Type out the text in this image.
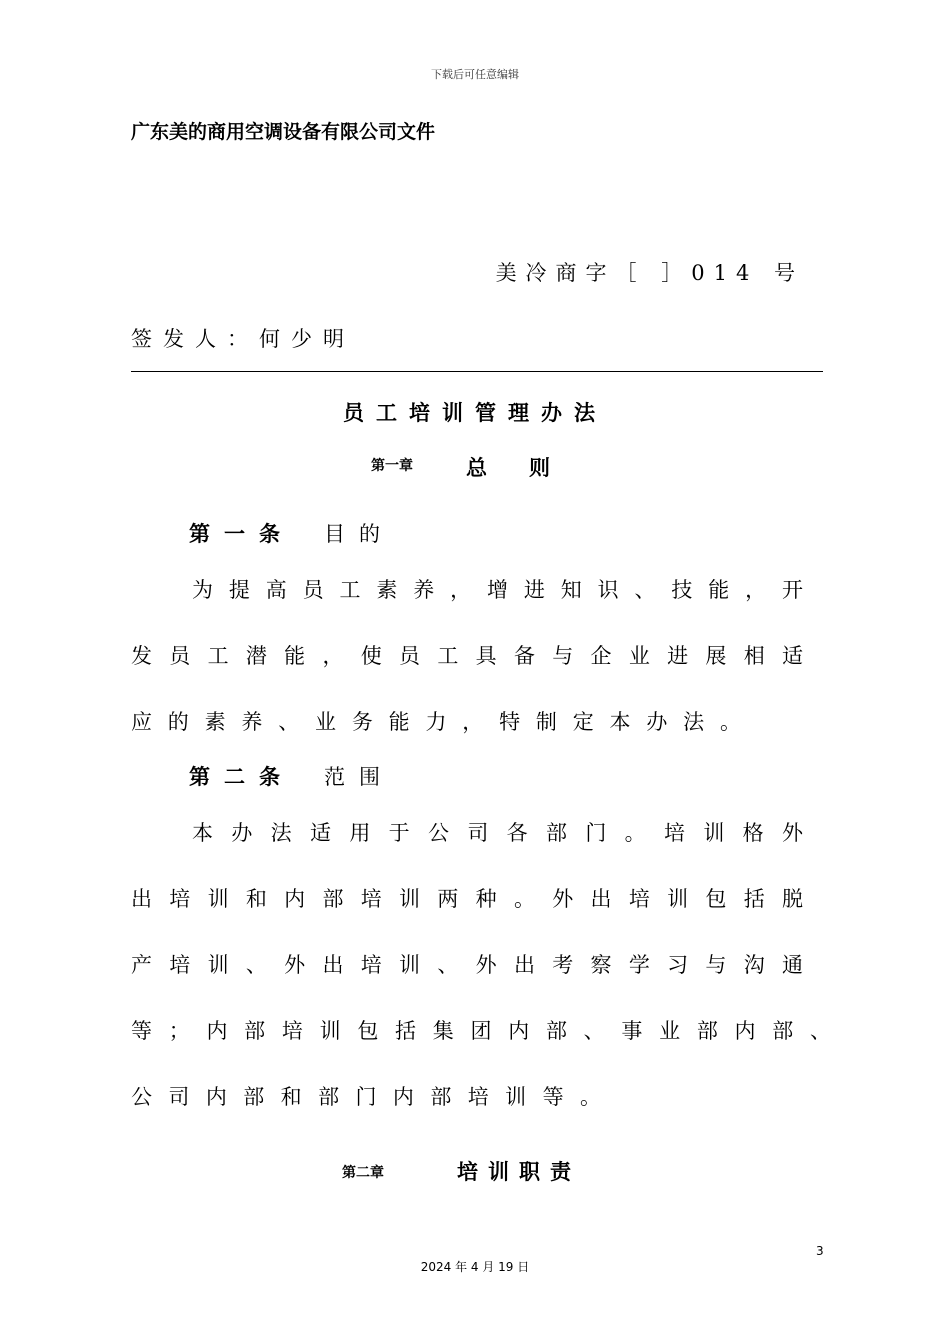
下载后可任意编辑
广东美的商用空调设备有限公司文件
美冷商字［ ］014 号
签发人：何少明
员工培训管理办法
第一章	总　　则
第一条 目的
为提高员工素养，增进知识、技能，开
发员工潜能，使员工具备与企业进展相适
应的素养、业务能力，特制定本办法。
第二条 范围
本办法适用于公司各部门。培训格外
出培训和内部培训两种。外出培训包括脱
产培训、外出培训、外出考察学习与沟通
等；内部培训包括集团内部、事业部内部、
公司内部和部门内部培训等。
第二章	培训职责
3
2024 年 4 月 19 日
